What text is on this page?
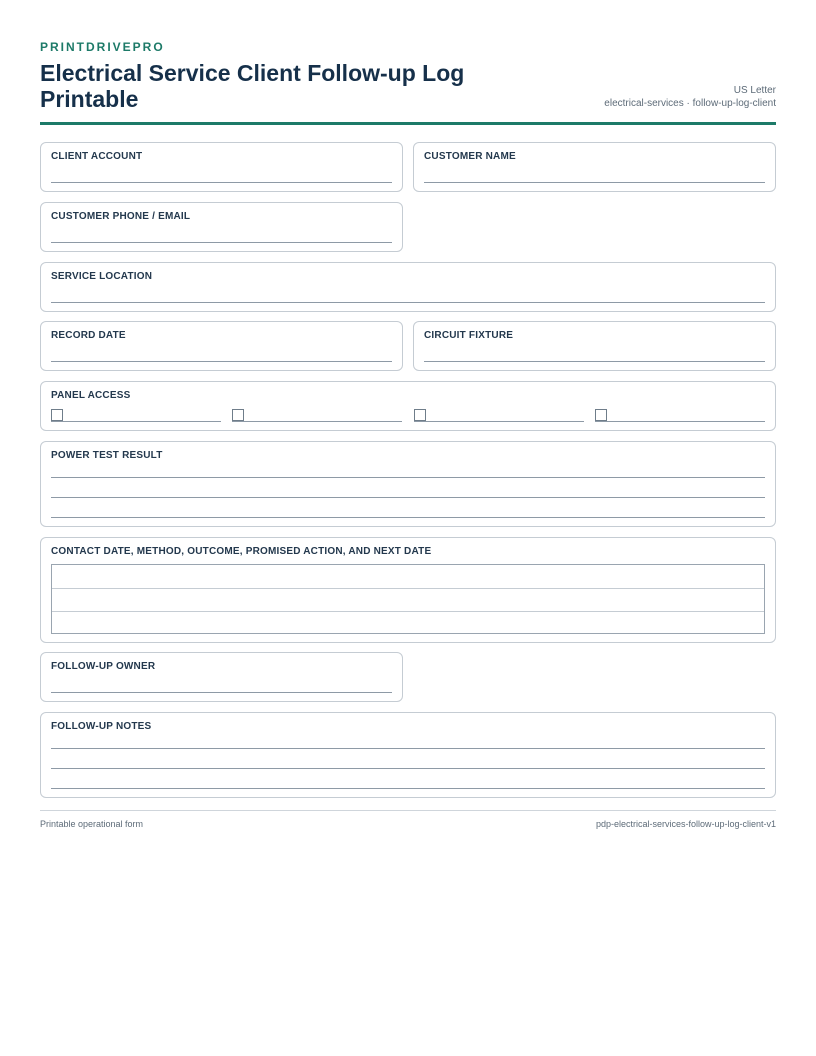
PRINTDRIVEPRO
Electrical Service Client Follow-up Log Printable	US Letter
electrical-services · follow-up-log-client
CLIENT ACCOUNT	CUSTOMER NAME
CUSTOMER PHONE / EMAIL
SERVICE LOCATION
RECORD DATE	CIRCUIT FIXTURE
PANEL ACCESS
POWER TEST RESULT
CONTACT DATE, METHOD, OUTCOME, PROMISED ACTION, AND NEXT DATE
FOLLOW-UP OWNER
FOLLOW-UP NOTES
Printable operational form	pdp-electrical-services-follow-up-log-client-v1
